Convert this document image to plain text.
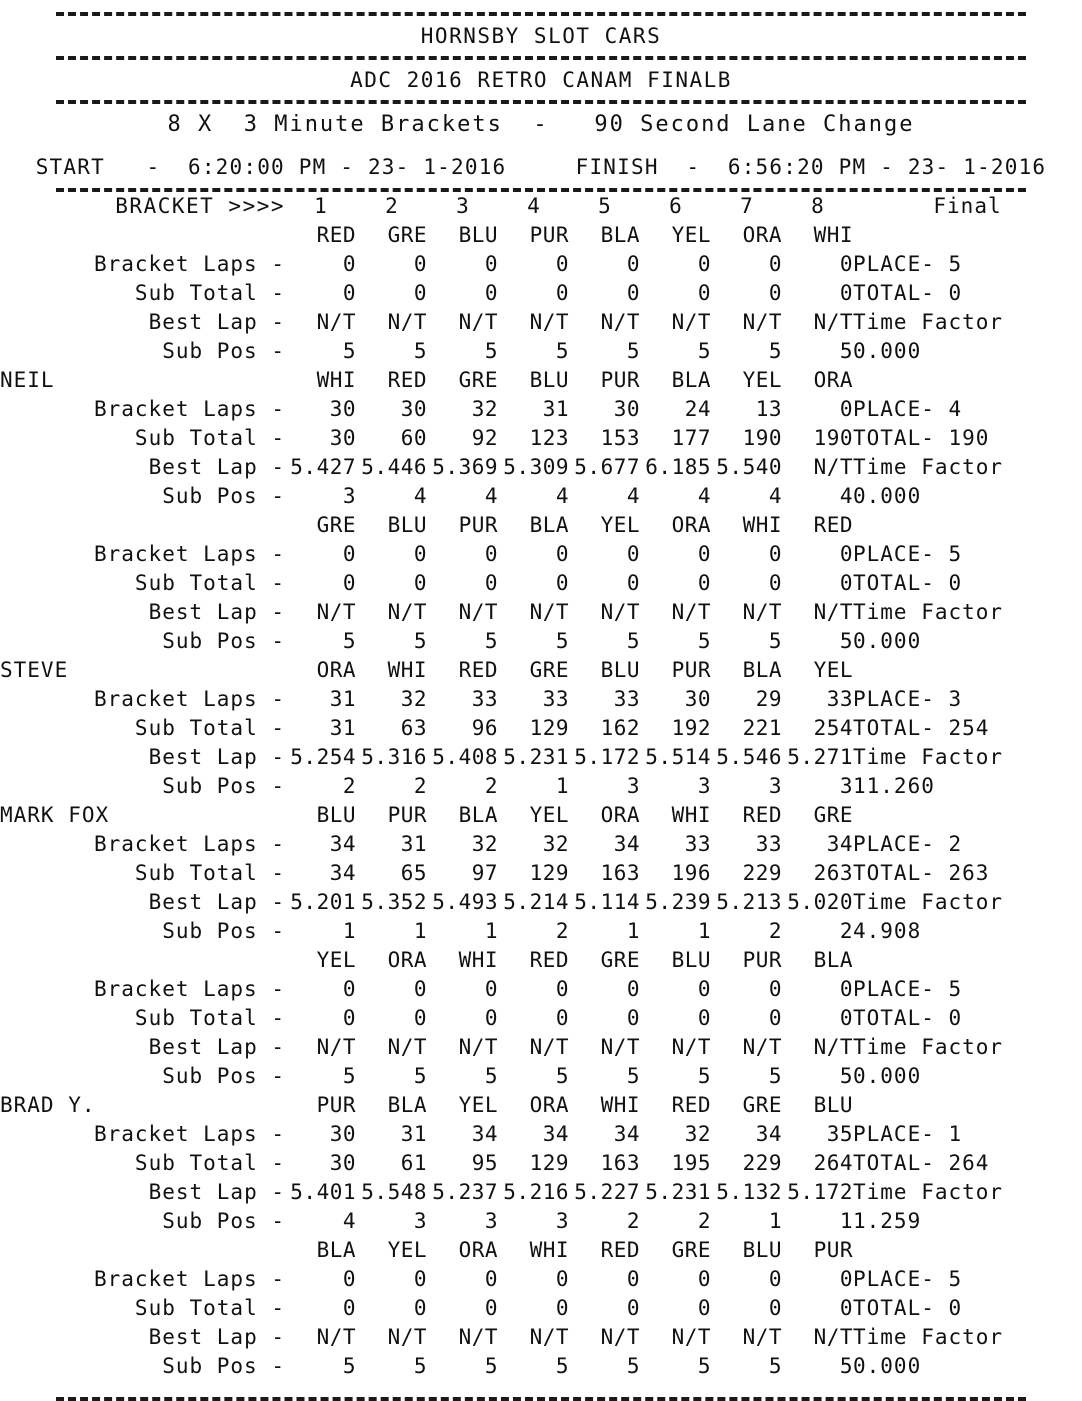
HORNSBY SLOT CARS
ADC 2016 RETRO CANAM FINALB
8 X  3 Minute Brackets  -   90 Second Lane Change
START   -  6:20:00 PM - 23- 1-2016     FINISH  -  6:56:20 PM - 23- 1-2016

BRACKET >>>>	1	2	3	4	5	6	7	8	Final

	RED	GRE	BLU	PUR	BLA	YEL	ORA	WHI	
Bracket Laps -	0	0	0	0	0	0	0	0	PLACE- 5
Sub Total -	0	0	0	0	0	0	0	0	TOTAL- 0
Best Lap -	N/T	N/T	N/T	N/T	N/T	N/T	N/T	N/T	Time Factor
Sub Pos -	5	5	5	5	5	5	5	5	0.000

NEIL	WHI	RED	GRE	BLU	PUR	BLA	YEL	ORA	
Bracket Laps -	30	30	32	31	30	24	13	0	PLACE- 4
Sub Total -	30	60	92	123	153	177	190	190	TOTAL- 190
Best Lap -	5.427	5.446	5.369	5.309	5.677	6.185	5.540	N/T	Time Factor
Sub Pos -	3	4	4	4	4	4	4	4	0.000

	GRE	BLU	PUR	BLA	YEL	ORA	WHI	RED	
Bracket Laps -	0	0	0	0	0	0	0	0	PLACE- 5
Sub Total -	0	0	0	0	0	0	0	0	TOTAL- 0
Best Lap -	N/T	N/T	N/T	N/T	N/T	N/T	N/T	N/T	Time Factor
Sub Pos -	5	5	5	5	5	5	5	5	0.000

STEVE	ORA	WHI	RED	GRE	BLU	PUR	BLA	YEL	
Bracket Laps -	31	32	33	33	33	30	29	33	PLACE- 3
Sub Total -	31	63	96	129	162	192	221	254	TOTAL- 254
Best Lap -	5.254	5.316	5.408	5.231	5.172	5.514	5.546	5.271	Time Factor
Sub Pos -	2	2	2	1	3	3	3	3	11.260

MARK FOX	BLU	PUR	BLA	YEL	ORA	WHI	RED	GRE	
Bracket Laps -	34	31	32	32	34	33	33	34	PLACE- 2
Sub Total -	34	65	97	129	163	196	229	263	TOTAL- 263
Best Lap -	5.201	5.352	5.493	5.214	5.114	5.239	5.213	5.020	Time Factor
Sub Pos -	1	1	1	2	1	1	2	2	4.908

	YEL	ORA	WHI	RED	GRE	BLU	PUR	BLA	
Bracket Laps -	0	0	0	0	0	0	0	0	PLACE- 5
Sub Total -	0	0	0	0	0	0	0	0	TOTAL- 0
Best Lap -	N/T	N/T	N/T	N/T	N/T	N/T	N/T	N/T	Time Factor
Sub Pos -	5	5	5	5	5	5	5	5	0.000

BRAD Y.	PUR	BLA	YEL	ORA	WHI	RED	GRE	BLU	
Bracket Laps -	30	31	34	34	34	32	34	35	PLACE- 1
Sub Total -	30	61	95	129	163	195	229	264	TOTAL- 264
Best Lap -	5.401	5.548	5.237	5.216	5.227	5.231	5.132	5.172	Time Factor
Sub Pos -	4	3	3	3	2	2	1	1	1.259

	BLA	YEL	ORA	WHI	RED	GRE	BLU	PUR	
Bracket Laps -	0	0	0	0	0	0	0	0	PLACE- 5
Sub Total -	0	0	0	0	0	0	0	0	TOTAL- 0
Best Lap -	N/T	N/T	N/T	N/T	N/T	N/T	N/T	N/T	Time Factor
Sub Pos -	5	5	5	5	5	5	5	5	0.000
